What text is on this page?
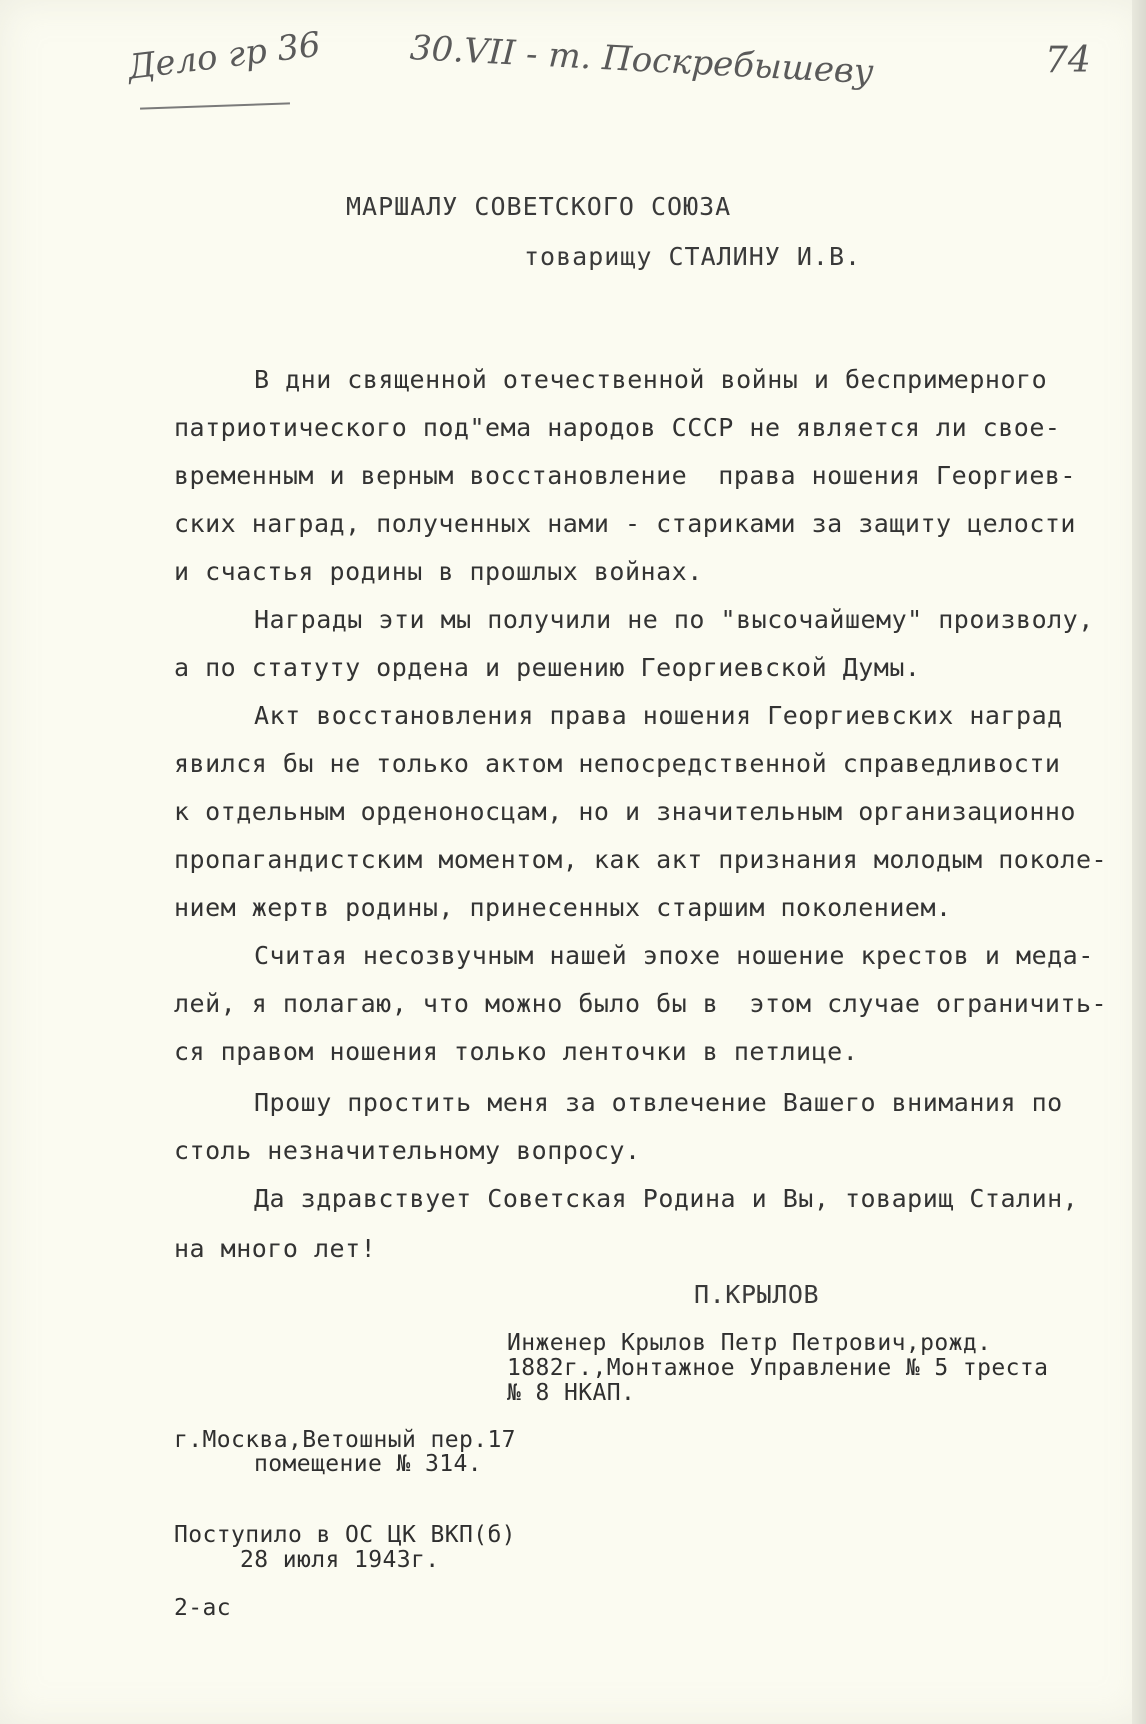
Дело гр 36	30.VII - т. Поскребышеву	74
МАРШАЛУ СОВЕТСКОГО СОЮЗА
товарищу СТАЛИНУ И.В.
В дни священной отечественной войны и беспримерного
патриотического под"ема народов СССР не является ли свое-
временным и верным восстановление  права ношения Георгиев-
ских наград, полученных нами - стариками за защиту целости
и счастья родины в прошлых войнах.
Награды эти мы получили не по "высочайшему" произволу,
а по статуту ордена и решению Георгиевской Думы.
Акт восстановления права ношения Георгиевских наград
явился бы не только актом непосредственной справедливости
к отдельным орденоносцам, но и значительным организационно
пропагандистским моментом, как акт признания молодым поколе-
нием жертв родины, принесенных старшим поколением.
Считая несозвучным нашей эпохе ношение крестов и меда-
лей, я полагаю, что можно было бы в  этом случае ограничить-
ся правом ношения только ленточки в петлице.
Прошу простить меня за отвлечение Вашего внимания по
столь незначительному вопросу.
Да здравствует Советская Родина и Вы, товарищ Сталин,
на много лет!
П.КРЫЛОВ
Инженер Крылов Петр Петрович,рожд.
1882г.,Монтажное Управление № 5 треста
№ 8 НКАП.
г.Москва,Ветошный пер.17
помещение № 314.
Поступило в ОС ЦК ВКП(б)
28 июля 1943г.
2-ас
